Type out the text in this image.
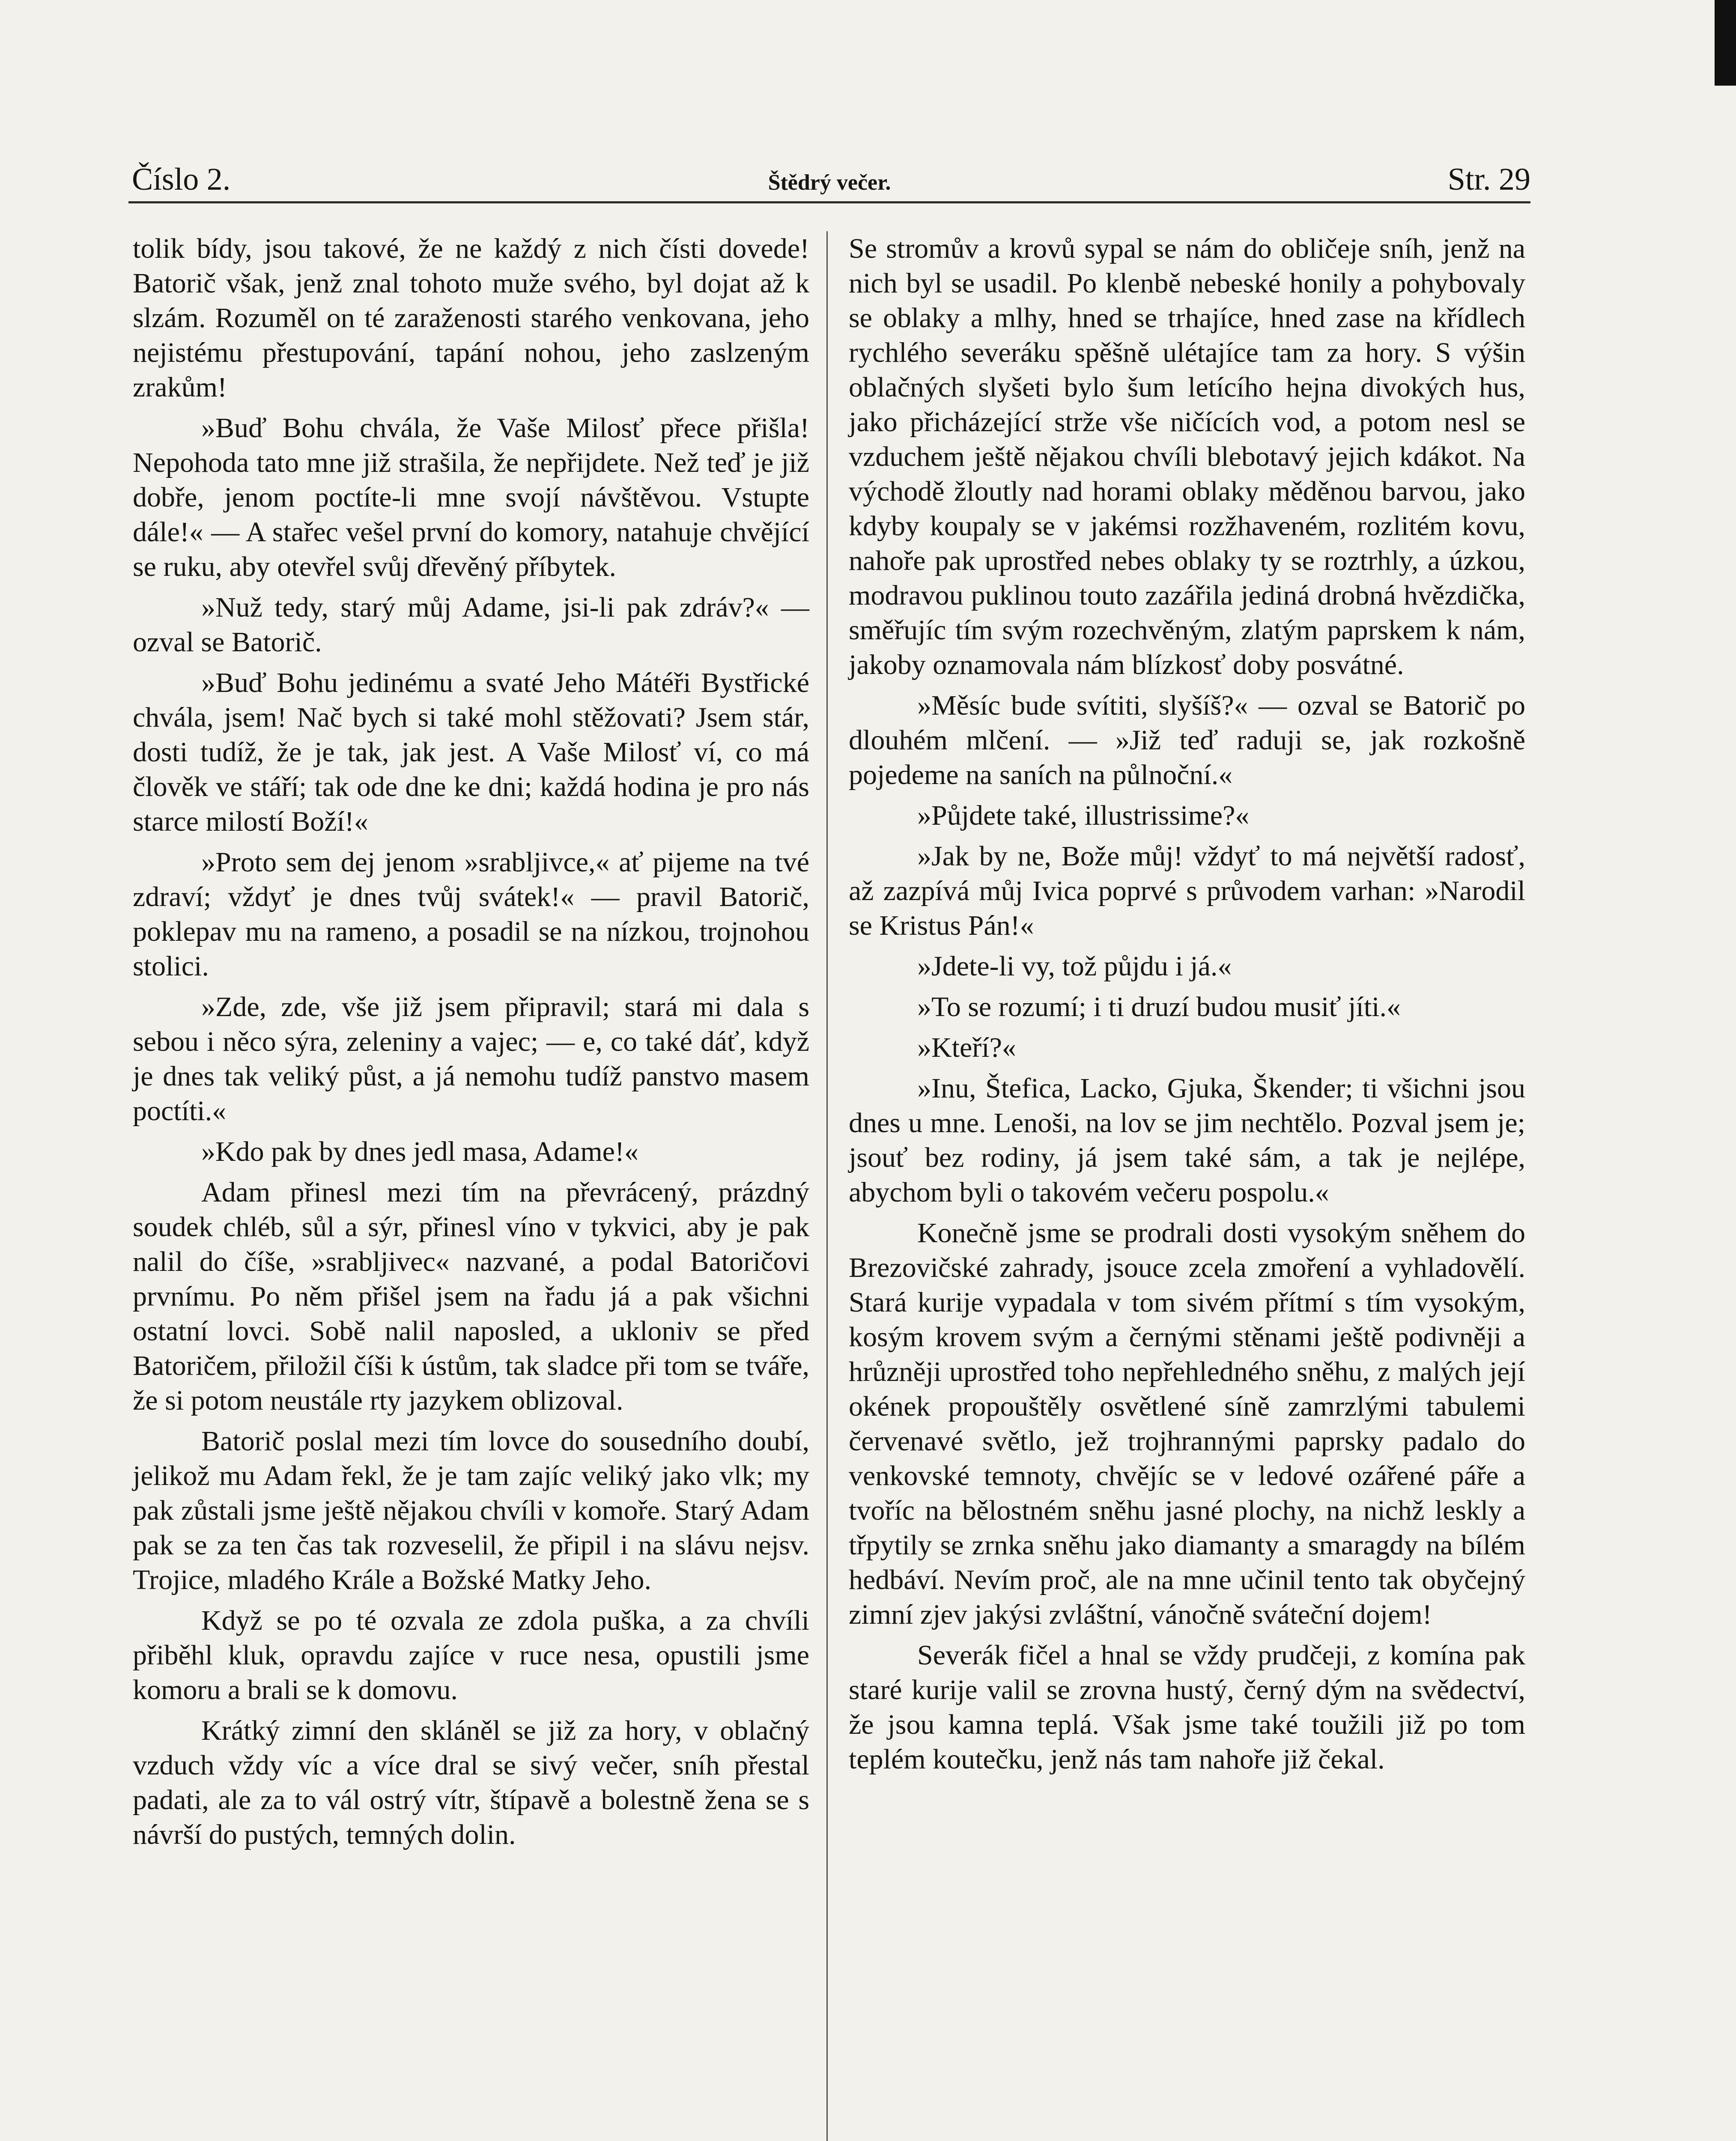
Číslo 2.	Štědrý večer.	Str. 29

tolik bídy, jsou takové, že ne každý z nich čísti dovede! Batorič však, jenž znal tohoto muže svého, byl dojat až k slzám. Rozuměl on té zaraženosti starého venkovana, jeho nejistému přestupování, tapání nohou, jeho zaslzeným zrakům!

»Buď Bohu chvála, že Vaše Milosť přece přišla! Nepohoda tato mne již strašila, že nepřijdete. Než teď je již dobře, jenom poctíte-li mne svojí návštěvou. Vstupte dále!« — A stařec vešel první do komory, natahuje chvějící se ruku, aby otevřel svůj dřevěný příbytek.

»Nuž tedy, starý můj Adame, jsi-li pak zdráv?« — ozval se Batorič.

»Buď Bohu jedinému a svaté Jeho Mátéři Bystřické chvála, jsem! Nač bych si také mohl stěžovati? Jsem stár, dosti tudíž, že je tak, jak jest. A Vaše Milosť ví, co má člověk ve stáří; tak ode dne ke dni; každá hodina je pro nás starce milostí Boží!«

»Proto sem dej jenom »srabljivce,« ať pijeme na tvé zdraví; vždyť je dnes tvůj svátek!« — pravil Batorič, poklepav mu na rameno, a posadil se na nízkou, trojnohou stolici.

»Zde, zde, vše již jsem připravil; stará mi dala s sebou i něco sýra, zeleniny a vajec; — e, co také dáť, když je dnes tak veliký půst, a já nemohu tudíž panstvo masem poctíti.«

»Kdo pak by dnes jedl masa, Adame!«

Adam přinesl mezi tím na převrácený, prázdný soudek chléb, sůl a sýr, přinesl víno v tykvici, aby je pak nalil do číše, »srabljivec« nazvané, a podal Batoričovi prvnímu. Po něm přišel jsem na řadu já a pak všichni ostatní lovci. Sobě nalil naposled, a ukloniv se před Batoričem, přiložil číši k ústům, tak sladce při tom se tváře, že si potom neustále rty jazykem oblizoval.

Batorič poslal mezi tím lovce do sousedního doubí, jelikož mu Adam řekl, že je tam zajíc veliký jako vlk; my pak zůstali jsme ještě nějakou chvíli v komoře. Starý Adam pak se za ten čas tak rozveselil, že připil i na slávu nejsv. Trojice, mladého Krále a Božské Matky Jeho.

Když se po té ozvala ze zdola puška, a za chvíli přiběhl kluk, opravdu zajíce v ruce nesa, opustili jsme komoru a brali se k domovu.

Krátký zimní den skláněl se již za hory, v oblačný vzduch vždy víc a více dral se sivý večer, sníh přestal padati, ale za to vál ostrý vítr, štípavě a bolestně žena se s návrší do pustých, temných dolin.

Se stromův a krovů sypal se nám do obličeje sníh, jenž na nich byl se usadil. Po klenbě nebeské honily a pohybovaly se oblaky a mlhy, hned se trhajíce, hned zase na křídlech rychlého severáku spěšně ulétajíce tam za hory. S výšin oblačných slyšeti bylo šum letícího hejna divokých hus, jako přicházející strže vše ničících vod, a potom nesl se vzduchem ještě nějakou chvíli blebotavý jejich kdákot. Na východě žloutly nad horami oblaky měděnou barvou, jako kdyby koupaly se v jakémsi rozžhaveném, rozlitém kovu, nahoře pak uprostřed nebes oblaky ty se roztrhly, a úzkou, modravou puklinou touto zazářila jediná drobná hvězdička, směřujíc tím svým rozechvěným, zlatým paprskem k nám, jakoby oznamovala nám blízkosť doby posvátné.

»Měsíc bude svítiti, slyšíš?« — ozval se Batorič po dlouhém mlčení. — »Již teď raduji se, jak rozkošně pojedeme na saních na půlnoční.«

»Půjdete také, illustrissime?«

»Jak by ne, Bože můj! vždyť to má největší radosť, až zazpívá můj Ivica poprvé s průvodem varhan: »Narodil se Kristus Pán!«

»Jdete-li vy, tož půjdu i já.«

»To se rozumí; i ti druzí budou musiť jíti.«

»Kteří?«

»Inu, Štefica, Lacko, Gjuka, Škender; ti všichni jsou dnes u mne. Lenoši, na lov se jim nechtělo. Pozval jsem je; jsouť bez rodiny, já jsem také sám, a tak je nejlépe, abychom byli o takovém večeru pospolu.«

Konečně jsme se prodrali dosti vysokým sněhem do Brezovičské zahrady, jsouce zcela zmoření a vyhladovělí. Stará kurije vypadala v tom sivém přítmí s tím vysokým, kosým krovem svým a černými stěnami ještě podivněji a hrůzněji uprostřed toho nepřehledného sněhu, z malých její okének propouštěly osvětlené síně zamrzlými tabulemi červenavé světlo, jež trojhrannými paprsky padalo do venkovské temnoty, chvějíc se v ledové ozářené páře a tvoříc na bělostném sněhu jasné plochy, na nichž leskly a třpytily se zrnka sněhu jako diamanty a smaragdy na bílém hedbáví. Nevím proč, ale na mne učinil tento tak obyčejný zimní zjev jakýsi zvláštní, vánočně sváteční dojem!

Severák fičel a hnal se vždy prudčeji, z komína pak staré kurije valil se zrovna hustý, černý dým na svědectví, že jsou kamna teplá. Však jsme také toužili již po tom teplém koutečku, jenž nás tam nahoře již čekal.
